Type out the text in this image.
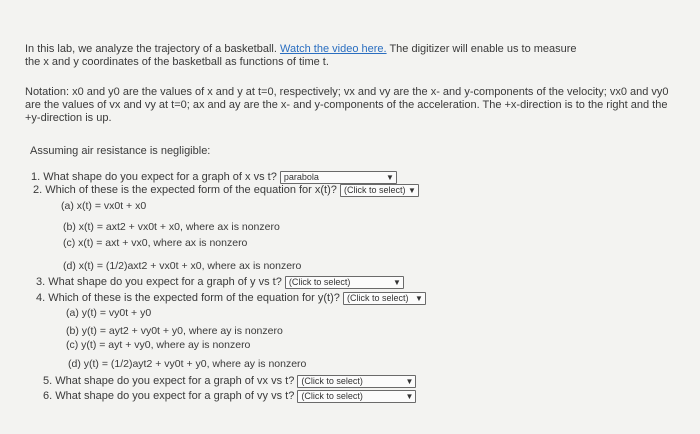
In this lab, we analyze the trajectory of a basketball. Watch the video here. The digitizer will enable us to measure
the x and y coordinates of the basketball as functions of time t.
Notation: x0 and y0 are the values of x and y at t=0, respectively; vx and vy are the x- and y-components of the velocity; vx0 and vy0
are the values of vx and vy at t=0; ax and ay are the x- and y-components of the acceleration. The +x-direction is to the right and the
+y-direction is up.
Assuming air resistance is negligible:
1. What shape do you expect for a graph of x vs t? parabola	▼
2. Which of these is the expected form of the equation for x(t)? (Click to select) ▼
(a) x(t) = vx0t + x0
(b) x(t) = axt2 + vx0t + x0, where ax is nonzero
(c) x(t) = axt + vx0, where ax is nonzero
(d) x(t) = (1/2)axt2 + vx0t + x0, where ax is nonzero
3. What shape do you expect for a graph of y vs t? (Click to select)	▼
4. Which of these is the expected form of the equation for y(t)? (Click to select) ▼
(a) y(t) = vy0t + y0
(b) y(t) = ayt2 + vy0t + y0, where ay is nonzero
(c) y(t) = ayt + vy0, where ay is nonzero
(d) y(t) = (1/2)ayt2 + vy0t + y0, where ay is nonzero
5. What shape do you expect for a graph of vx vs t? (Click to select)	▼
6. What shape do you expect for a graph of vy vs t? (Click to select)	▼
